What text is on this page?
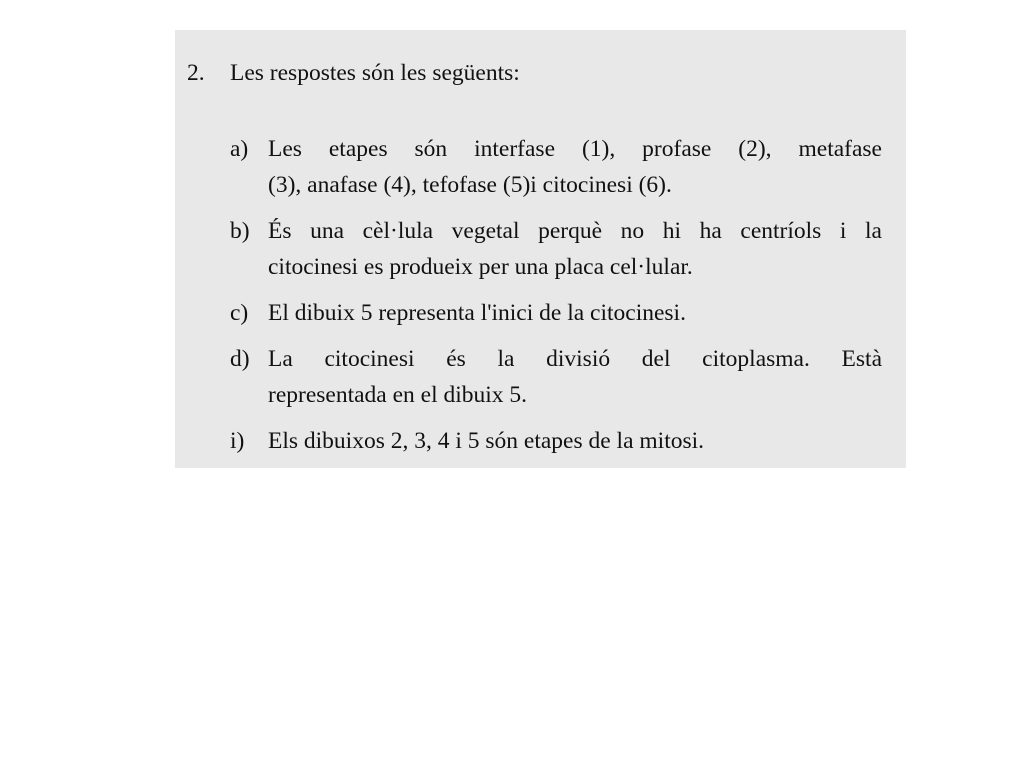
2. Les respostes són les següents:
a) Les etapes són interfase (1), profase (2), metafase
(3), anafase (4), tefofase (5)i citocinesi (6).
b) És una cèl·lula vegetal perquè no hi ha centríols i la
citocinesi es produeix per una placa cel·lular.
c) El dibuix 5 representa l'inici de la citocinesi.
d) La citocinesi és la divisió del citoplasma. Està
representada en el dibuix 5.
i) Els dibuixos 2, 3, 4 i 5 són etapes de la mitosi.
